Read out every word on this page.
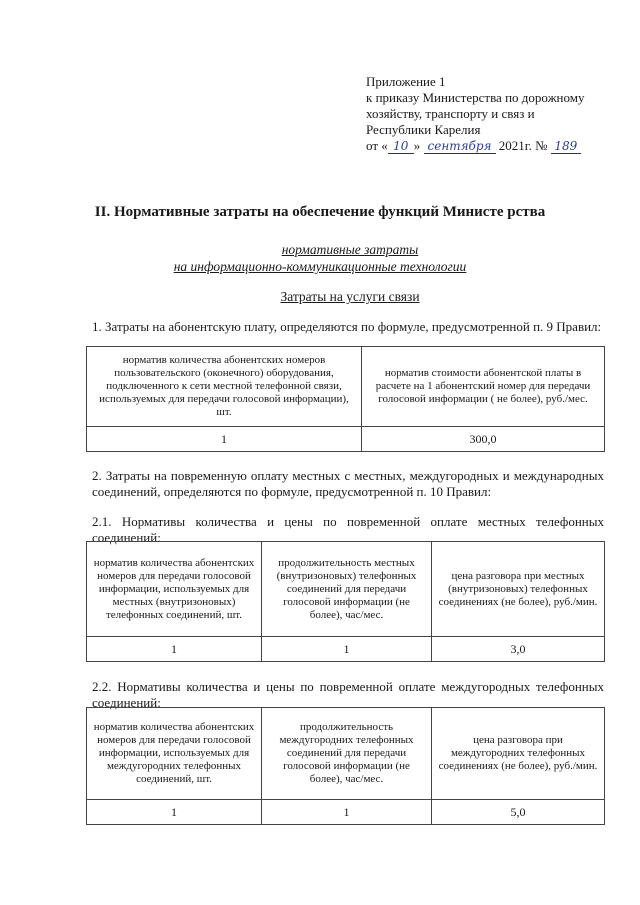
Приложение 1
к приказу Министерства по дорожному
хозяйству, транспорту и связ и
Республики Карелия
от « 10 » сентября 2021г. № 189
II. Нормативные затраты на обеспечение функций Министе рства
нормативные затраты
на информационно-коммуникационные технологии
Затраты на услуги связи
1. Затраты на абонентскую плату, определяются по формуле, предусмотренной п. 9 Правил:
норматив количества абонентских номеров пользовательского (оконечного) оборудования, подключенного к сети местной телефонной связи, используемых для передачи голосовой информации), шт.	норматив стоимости абонентской платы в расчете на 1 абонентский номер для передачи голосовой информации ( не более), руб./мес.
1	300,0
2. Затраты на повременную оплату местных с местных, междугородных и международных соединений, определяются по формуле, предусмотренной п. 10 Правил:
2.1. Нормативы количества и цены по повременной оплате местных телефонных соединений:
норматив количества абонентских номеров для передачи голосовой информации, используемых для местных (внутризоновых) телефонных соединений, шт.	продолжительность местных (внутризоновых) телефонных соединений для передачи голосовой информации (не более), час/мес.	цена разговора при местных (внутризоновых) телефонных соединениях (не более), руб./мин.
1	1	3,0
2.2. Нормативы количества и цены по повременной оплате междугородных телефонных соединений:
норматив количества абонентских номеров для передачи голосовой информации, используемых для междугородних телефонных соединений, шт.	продолжительность междугородних телефонных соединений для передачи голосовой информации (не более), час/мес.	цена разговора при междугородних телефонных соединениях (не более), руб./мин.
1	1	5,0
